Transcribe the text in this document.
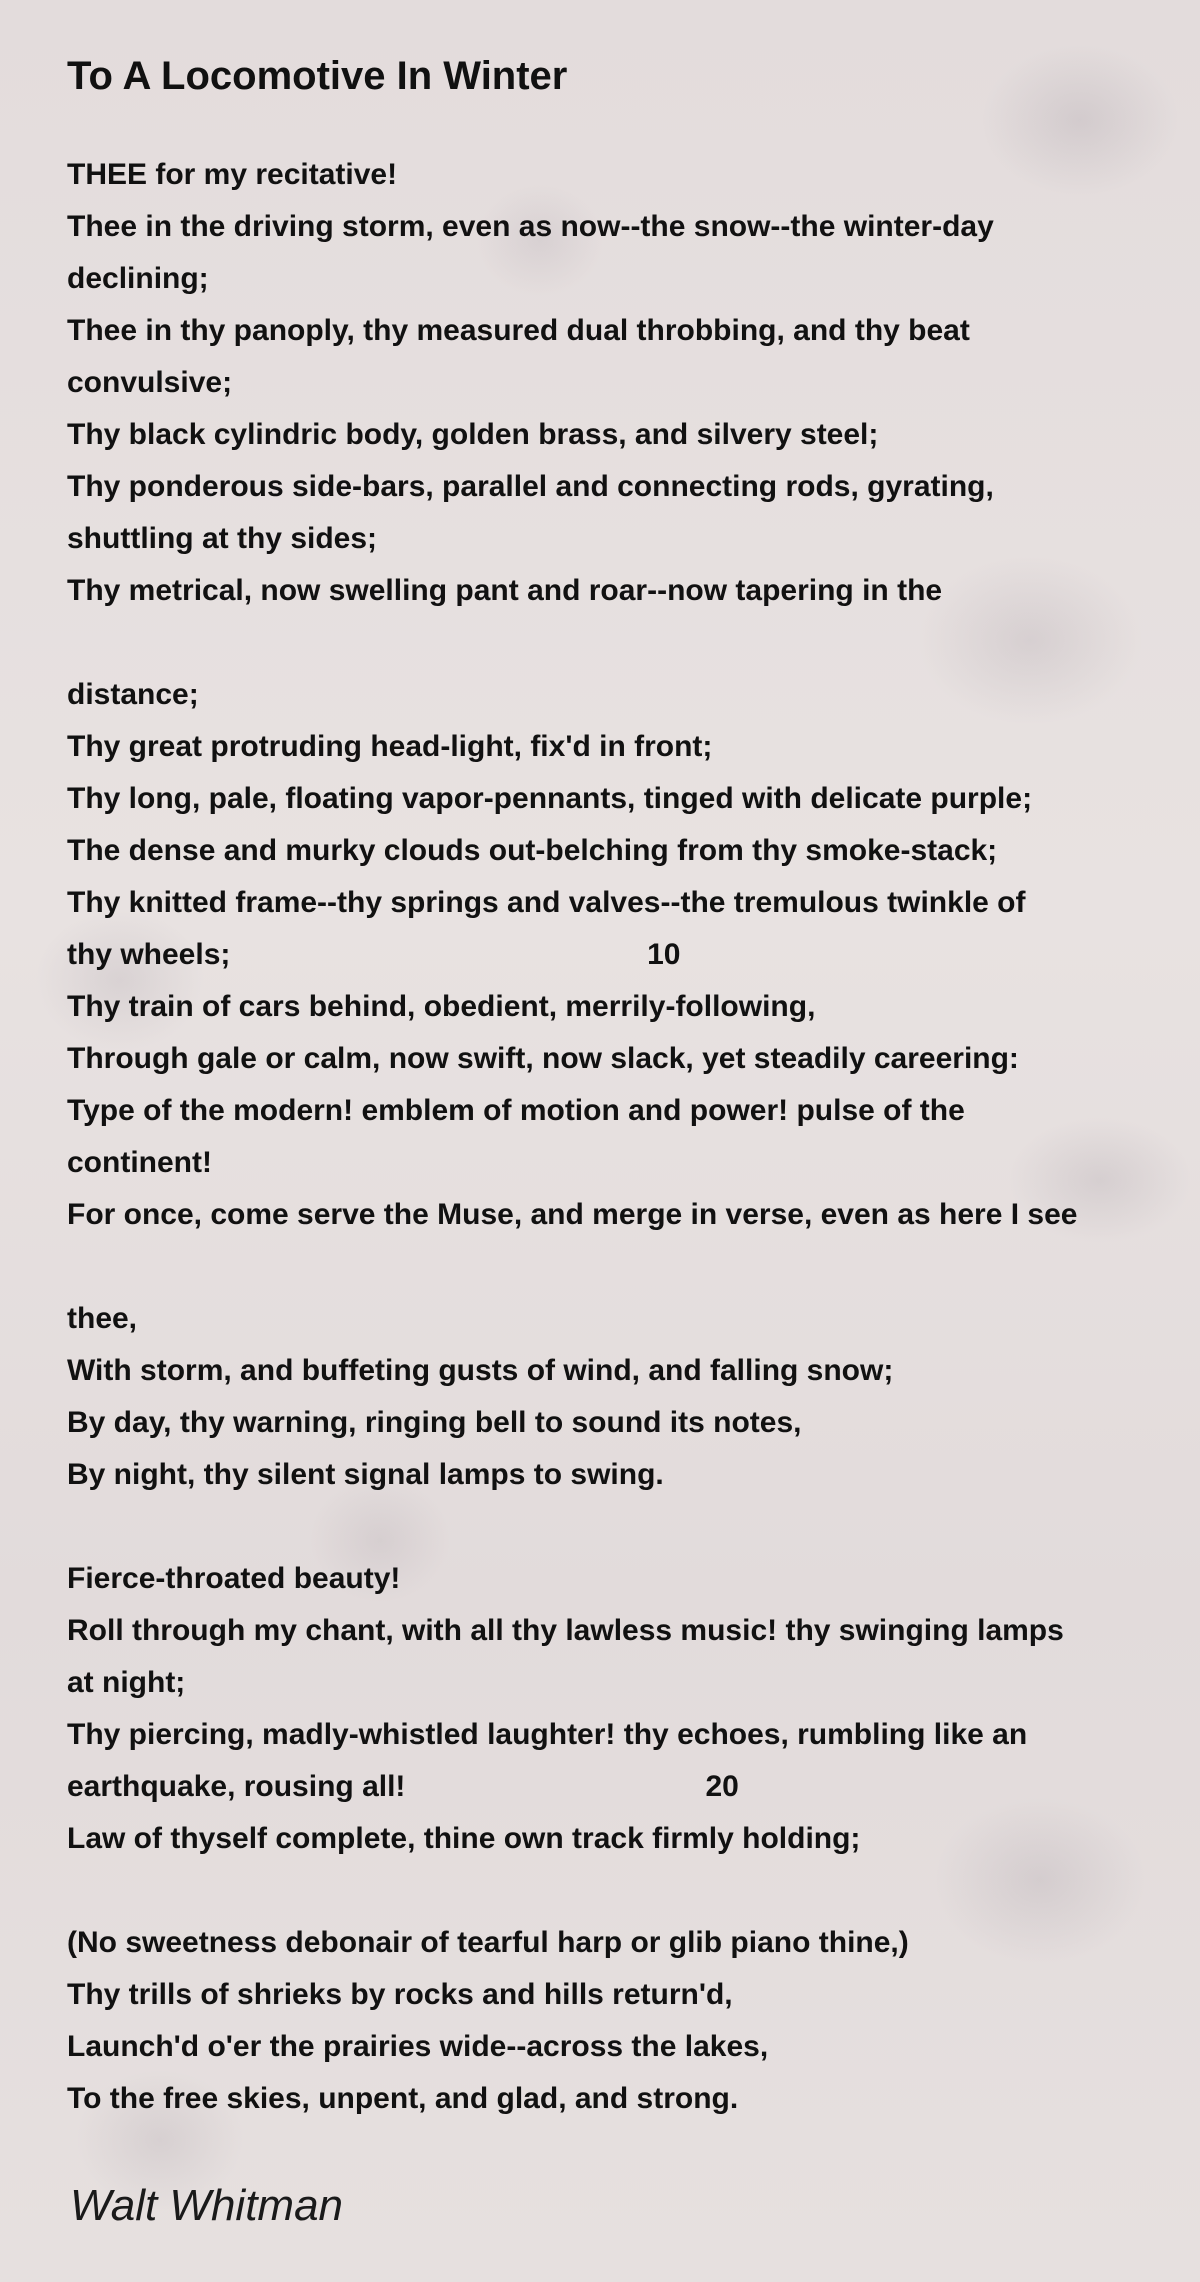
To A Locomotive In Winter
THEE for my recitative!
Thee in the driving storm, even as now--the snow--the winter-day
declining;
Thee in thy panoply, thy measured dual throbbing, and thy beat
convulsive;
Thy black cylindric body, golden brass, and silvery steel;
Thy ponderous side-bars, parallel and connecting rods, gyrating,
shuttling at thy sides;
Thy metrical, now swelling pant and roar--now tapering in the
distance;
Thy great protruding head-light, fix'd in front;
Thy long, pale, floating vapor-pennants, tinged with delicate purple;
The dense and murky clouds out-belching from thy smoke-stack;
Thy knitted frame--thy springs and valves--the tremulous twinkle of
thy wheels;                                                  10
Thy train of cars behind, obedient, merrily-following,
Through gale or calm, now swift, now slack, yet steadily careering:
Type of the modern! emblem of motion and power! pulse of the
continent!
For once, come serve the Muse, and merge in verse, even as here I see
thee,
With storm, and buffeting gusts of wind, and falling snow;
By day, thy warning, ringing bell to sound its notes,
By night, thy silent signal lamps to swing.
Fierce-throated beauty!
Roll through my chant, with all thy lawless music! thy swinging lamps
at night;
Thy piercing, madly-whistled laughter! thy echoes, rumbling like an
earthquake, rousing all!                                    20
Law of thyself complete, thine own track firmly holding;
(No sweetness debonair of tearful harp or glib piano thine,)
Thy trills of shrieks by rocks and hills return'd,
Launch'd o'er the prairies wide--across the lakes,
To the free skies, unpent, and glad, and strong.
Walt Whitman
